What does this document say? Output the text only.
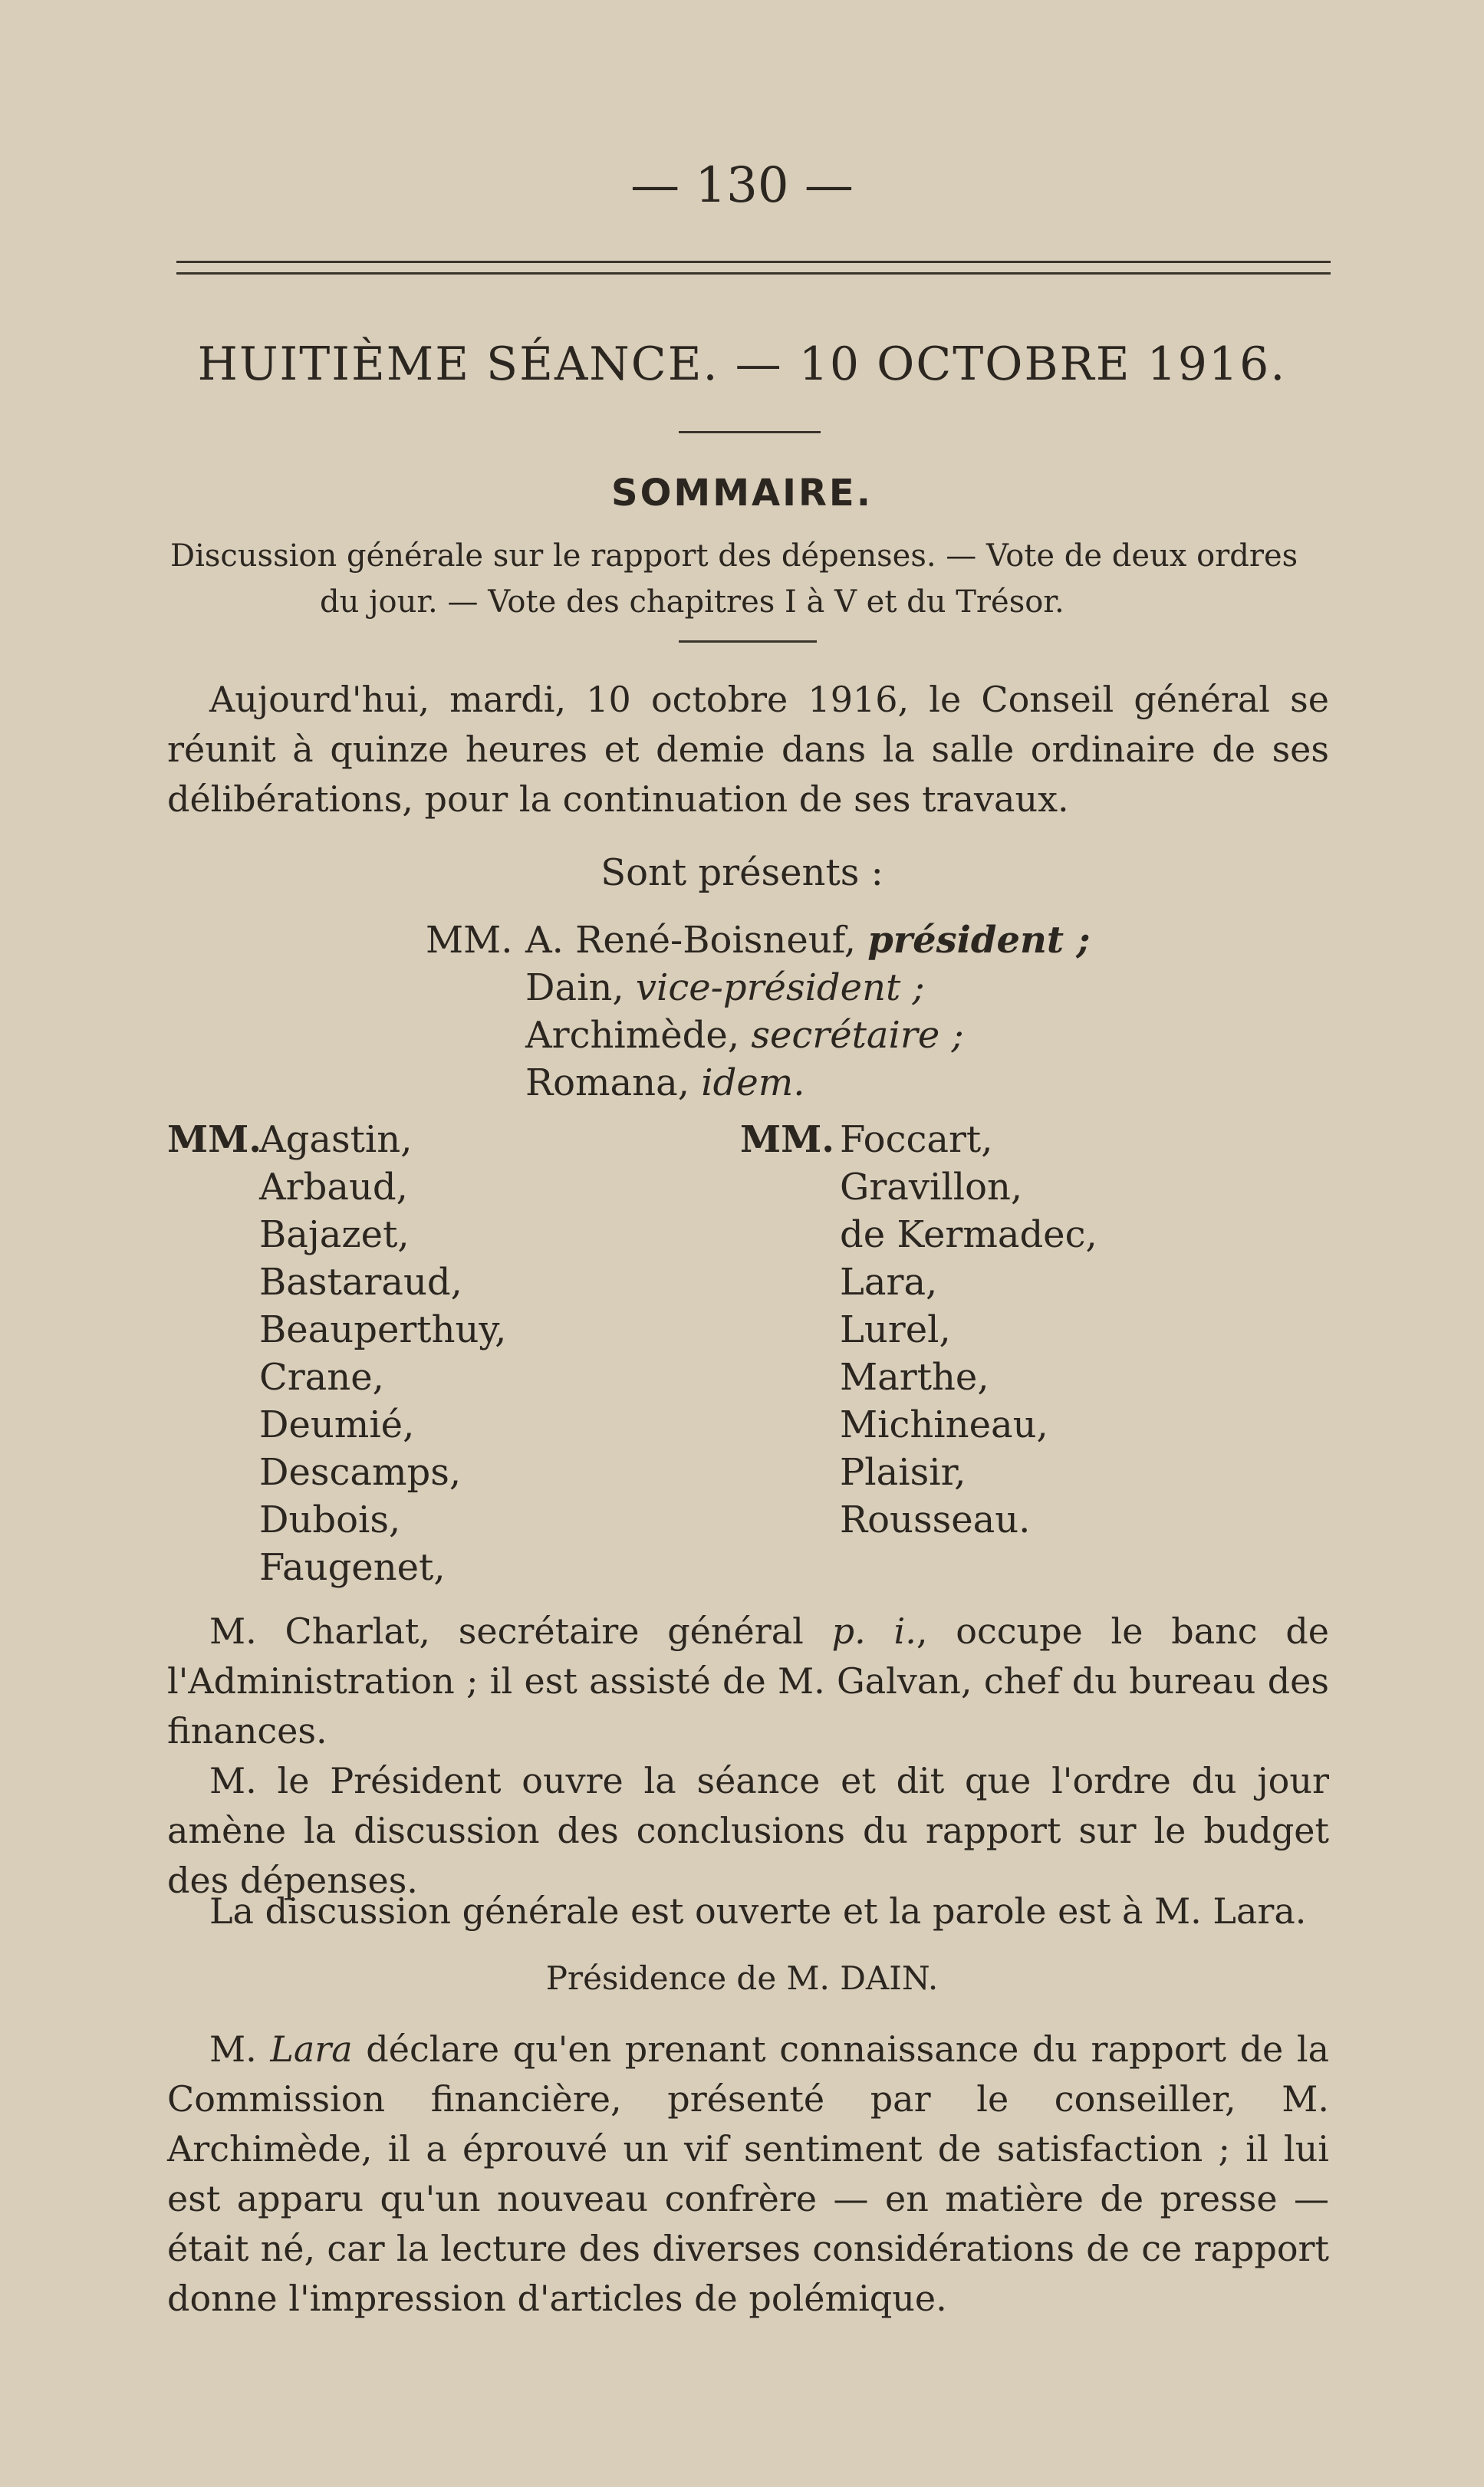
— 130 —
HUITIÈME SÉANCE. — 10 OCTOBRE 1916.
SOMMAIRE.
Discussion générale sur le rapport des dépenses. — Vote de deux ordres
du jour. — Vote des chapitres I à V et du Trésor.
Aujourd'hui, mardi, 10 octobre 1916, le Conseil général se réunit à quinze heures et demie dans la salle ordinaire de ses délibérations, pour la continuation de ses travaux.
Sont présents :
MM. A. René-Boisneuf, président ;
Dain, vice-président ;
Archimède, secrétaire ;
Romana, idem.
MM.Agastin,
Arbaud,
Bajazet,
Bastaraud,
Beauperthuy,
Crane,
Deumié,
Descamps,
Dubois,
Faugenet,
MM. Foccart,
Gravillon,
de Kermadec,
Lara,
Lurel,
Marthe,
Michineau,
Plaisir,
Rousseau.
M. Charlat, secrétaire général p. i., occupe le banc de l'Administration ; il est assisté de M. Galvan, chef du bureau des finances.
M. le Président ouvre la séance et dit que l'ordre du jour amène la discussion des conclusions du rapport sur le budget des dépenses.
La discussion générale est ouverte et la parole est à M. Lara.
Présidence de M. DAIN.
M. Lara déclare qu'en prenant connaissance du rapport de la Commission financière, présenté par le conseiller, M. Archimède, il a éprouvé un vif sentiment de satisfaction ; il lui est apparu qu'un nouveau confrère — en matière de presse — était né, car la lecture des diverses considérations de ce rapport donne l'impression d'articles de polémique.
